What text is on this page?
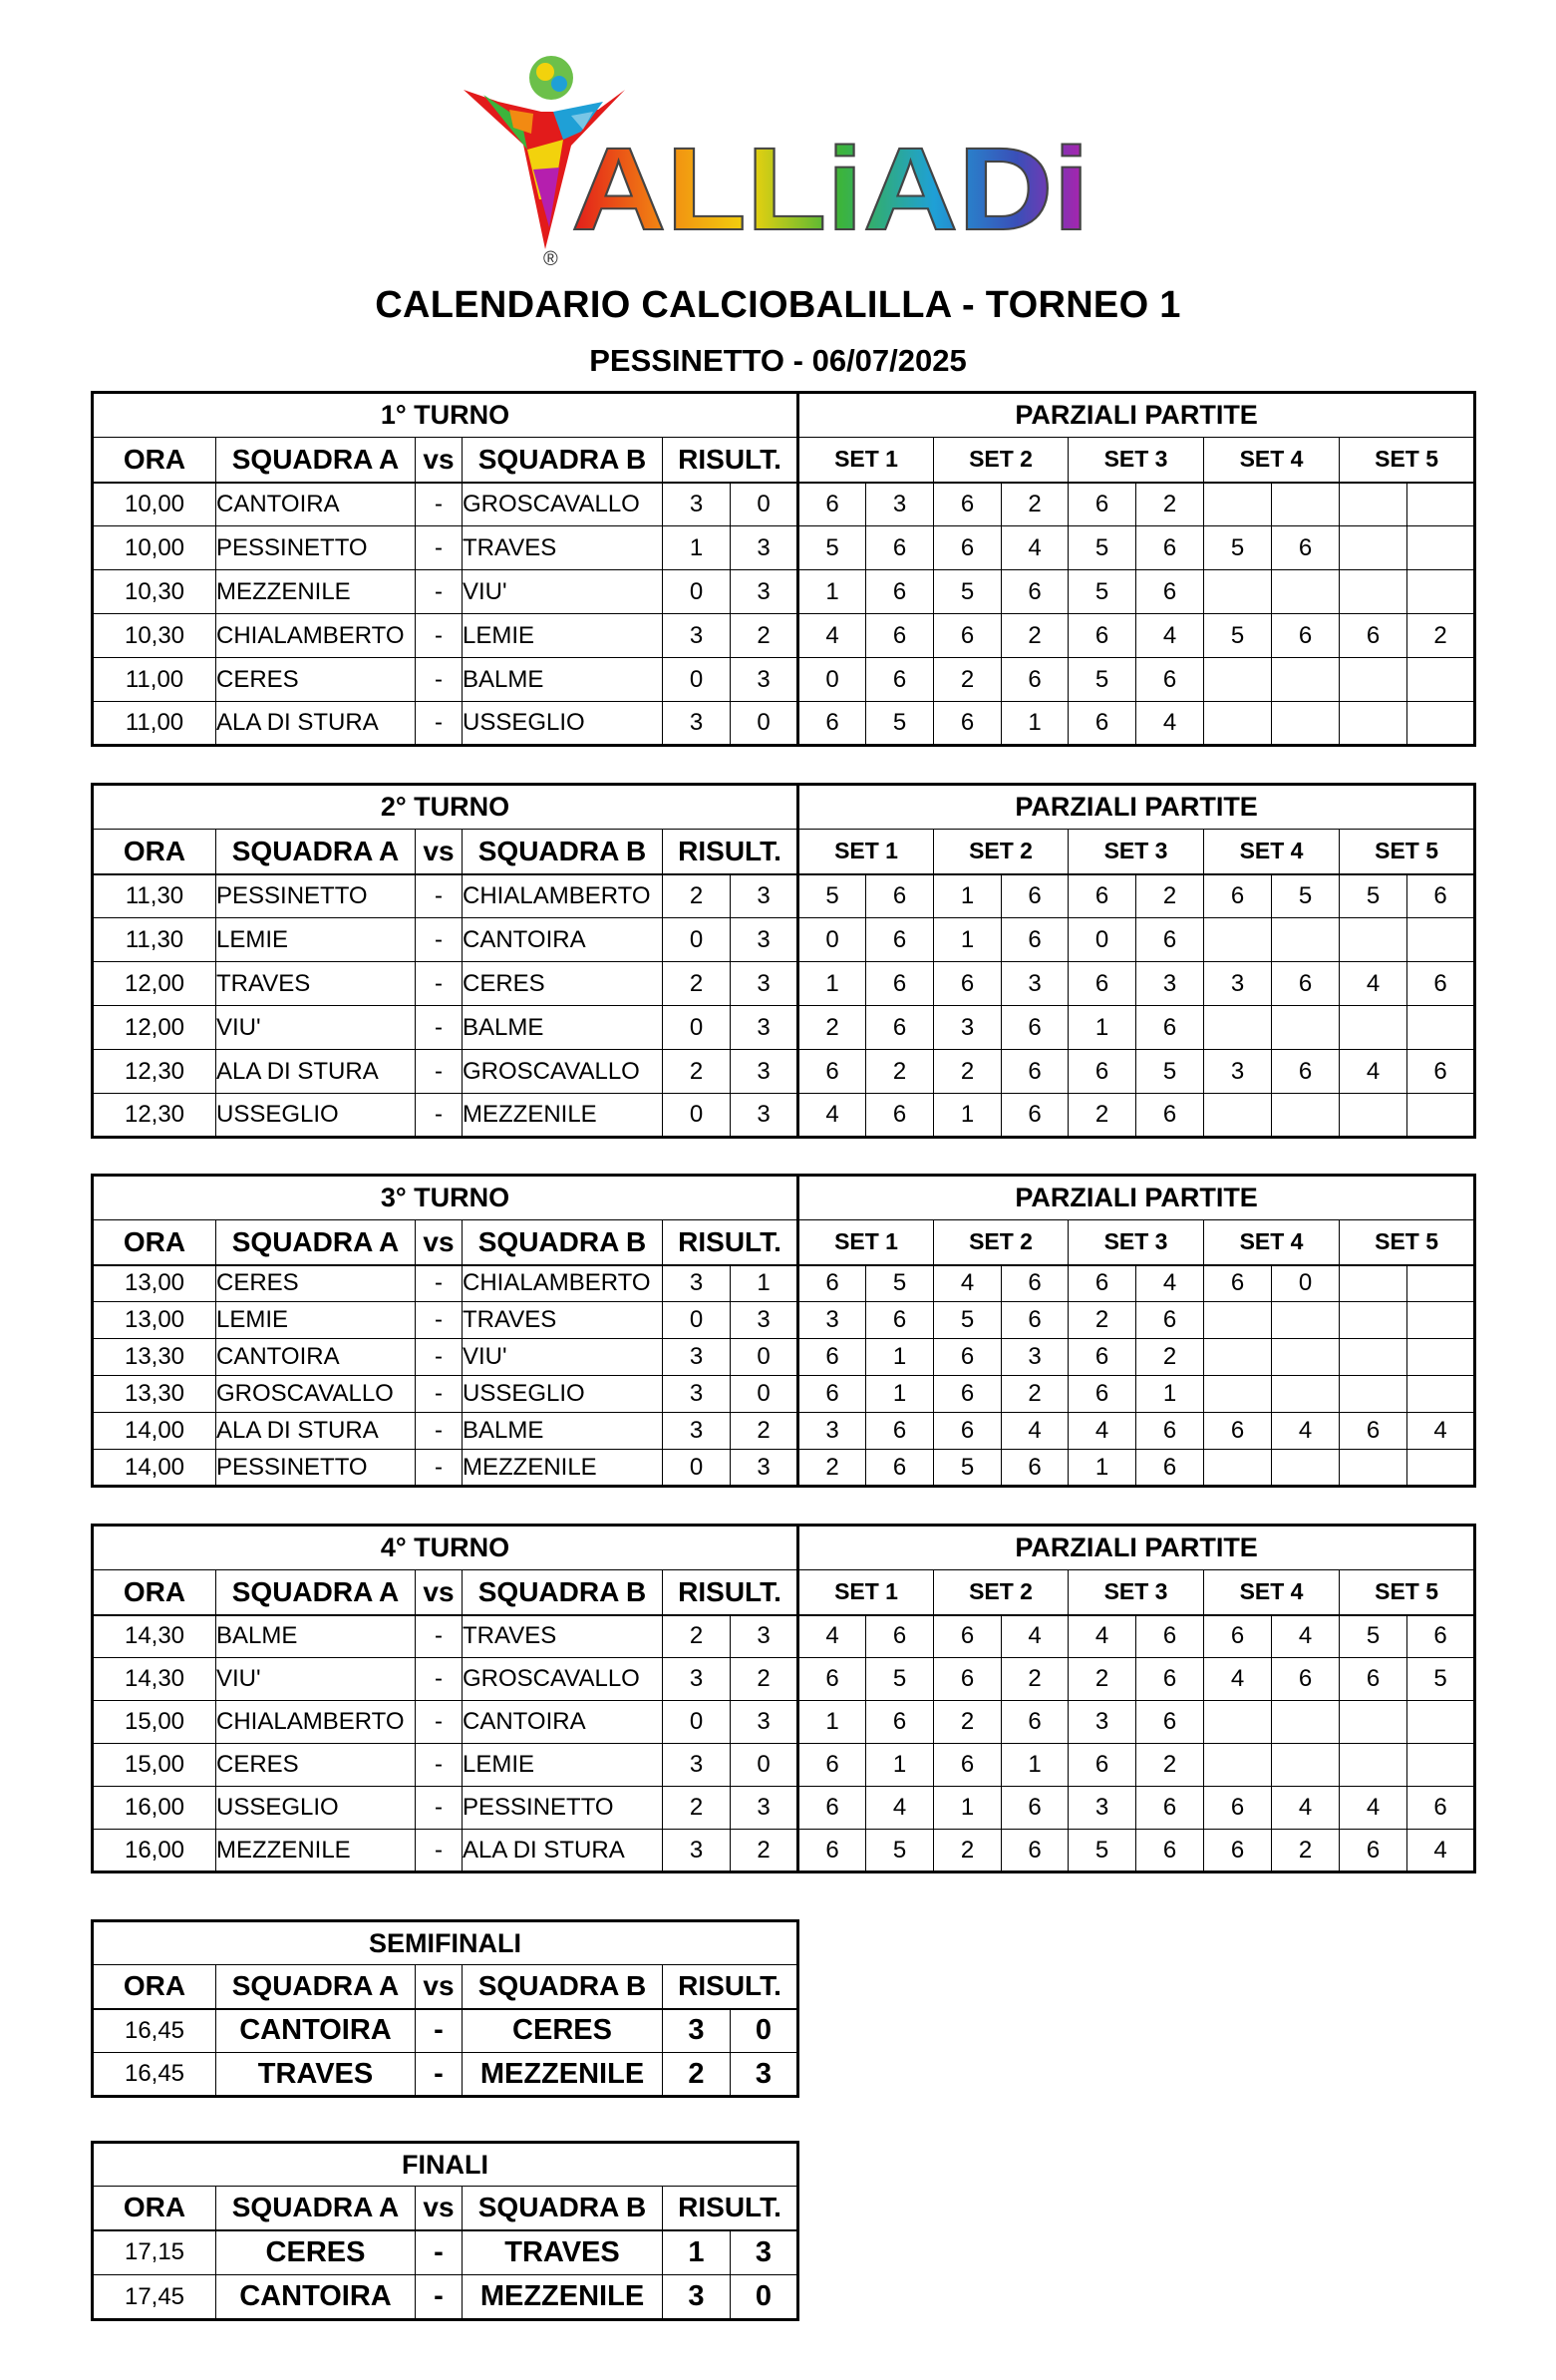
®
ALLiADi
CALENDARIO CALCIOBALILLA - TORNEO 1
PESSINETTO - 06/07/2025
1° TURNO						PARZIALI PARTITE									
ORA	SQUADRA A	vs	SQUADRA B	RISULT.		SET 1		SET 2		SET 3		SET 4		SET 5	
10,00	CANTOIRA	-	GROSCAVALLO	3	0	6	3	6	2	6	2				
10,00	PESSINETTO	-	TRAVES	1	3	5	6	6	4	5	6	5	6		
10,30	MEZZENILE	-	VIU'	0	3	1	6	5	6	5	6				
10,30	CHIALAMBERTO	-	LEMIE	3	2	4	6	6	2	6	4	5	6	6	2
11,00	CERES	-	BALME	0	3	0	6	2	6	5	6				
11,00	ALA DI STURA	-	USSEGLIO	3	0	6	5	6	1	6	4				
2° TURNO						PARZIALI PARTITE									
ORA	SQUADRA A	vs	SQUADRA B	RISULT.		SET 1		SET 2		SET 3		SET 4		SET 5	
11,30	PESSINETTO	-	CHIALAMBERTO	2	3	5	6	1	6	6	2	6	5	5	6
11,30	LEMIE	-	CANTOIRA	0	3	0	6	1	6	0	6				
12,00	TRAVES	-	CERES	2	3	1	6	6	3	6	3	3	6	4	6
12,00	VIU'	-	BALME	0	3	2	6	3	6	1	6				
12,30	ALA DI STURA	-	GROSCAVALLO	2	3	6	2	2	6	6	5	3	6	4	6
12,30	USSEGLIO	-	MEZZENILE	0	3	4	6	1	6	2	6				
3° TURNO						PARZIALI PARTITE									
ORA	SQUADRA A	vs	SQUADRA B	RISULT.		SET 1		SET 2		SET 3		SET 4		SET 5	
13,00	CERES	-	CHIALAMBERTO	3	1	6	5	4	6	6	4	6	0		
13,00	LEMIE	-	TRAVES	0	3	3	6	5	6	2	6				
13,30	CANTOIRA	-	VIU'	3	0	6	1	6	3	6	2				
13,30	GROSCAVALLO	-	USSEGLIO	3	0	6	1	6	2	6	1				
14,00	ALA DI STURA	-	BALME	3	2	3	6	6	4	4	6	6	4	6	4
14,00	PESSINETTO	-	MEZZENILE	0	3	2	6	5	6	1	6				
4° TURNO						PARZIALI PARTITE									
ORA	SQUADRA A	vs	SQUADRA B	RISULT.		SET 1		SET 2		SET 3		SET 4		SET 5	
14,30	BALME	-	TRAVES	2	3	4	6	6	4	4	6	6	4	5	6
14,30	VIU'	-	GROSCAVALLO	3	2	6	5	6	2	2	6	4	6	6	5
15,00	CHIALAMBERTO	-	CANTOIRA	0	3	1	6	2	6	3	6				
15,00	CERES	-	LEMIE	3	0	6	1	6	1	6	2				
16,00	USSEGLIO	-	PESSINETTO	2	3	6	4	1	6	3	6	6	4	4	6
16,00	MEZZENILE	-	ALA DI STURA	3	2	6	5	2	6	5	6	6	2	6	4
SEMIFINALI					
ORA	SQUADRA A	vs	SQUADRA B	RISULT.	
16,45	CANTOIRA	-	CERES	3	0
16,45	TRAVES	-	MEZZENILE	2	3
FINALI					
ORA	SQUADRA A	vs	SQUADRA B	RISULT.	
17,15	CERES	-	TRAVES	1	3
17,45	CANTOIRA	-	MEZZENILE	3	0
